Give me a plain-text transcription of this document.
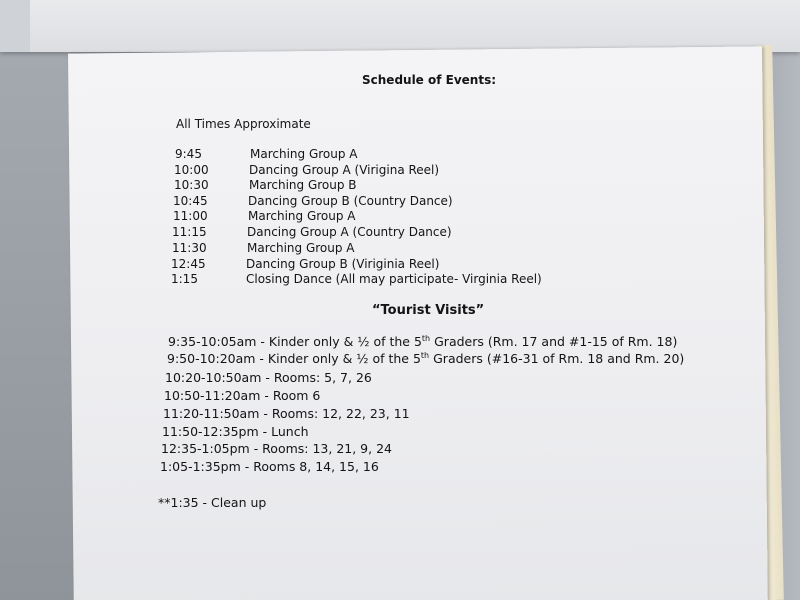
Schedule of Events:
All Times Approximate
9:45	Marching Group A
10:00	Dancing Group A (Virigina Reel)
10:30	Marching Group B
10:45	Dancing Group B (Country Dance)
11:00	Marching Group A
11:15	Dancing Group A (Country Dance)
11:30	Marching Group A
12:45	Dancing Group B (Viriginia Reel)
1:15	Closing Dance (All may participate- Virginia Reel)
“Tourist Visits”
9:35-10:05am - Kinder only & ½ of the 5th Graders (Rm. 17 and #1-15 of Rm. 18)
9:50-10:20am - Kinder only & ½ of the 5th Graders (#16-31 of Rm. 18 and Rm. 20)
10:20-10:50am - Rooms: 5, 7, 26
10:50-11:20am - Room 6
11:20-11:50am - Rooms: 12, 22, 23, 11
11:50-12:35pm - Lunch
12:35-1:05pm - Rooms: 13, 21, 9, 24
1:05-1:35pm - Rooms 8, 14, 15, 16
**1:35 - Clean up
